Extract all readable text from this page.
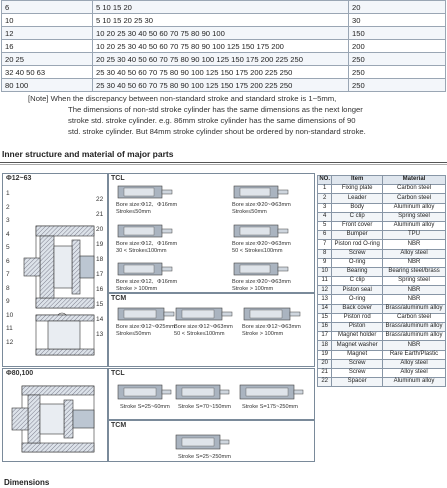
6	5 10 15 20	20
10	5 10 15 20 25 30	30
12	10 20 25 30 40 50 60 70 75 80 90 100	150
16	10 20 25 30 40 50 60 70 75 80 90 100 125 150 175 200	200
20 25	20 25 30 40 50 60 70 75 80 90 100 125 150 175 200 225 250	250
32 40 50 63	25 30 40 50 60 70 75 80 90 100 125 150 175 200 225 250	250
80 100	25 30 40 50 60 70 75 80 90 100 125 150 175 200 225 250	250

[Note] When the discrepancy between non-standard stroke and standard stroke is 1~5mm,

The dimensions of non-std stroke cylinder has the same dimensions as the next longer

stroke std. stroke cylinder. e.g. 86mm stroke cylinder has the same dimensions of 90

std. stroke cylinder. But 84mm stroke cylinder shout be ordered by non-standard stroke.

Inner structure and material of major parts
Φ12~63
Φ80,100
TCL
TCM
TCL
TCM
1
2
3
4
5
6
7
8
9
10
11
12
22
21
20
19
18
17
16
15
14
13
Bore size:Φ12、Φ16mm
Stroke≤50mm
Bore size:Φ20~Φ63mm
Stroke≤50mm
Bore size:Φ12、Φ16mm
30 < Stroke≤100mm
Bore size:Φ20~Φ63mm
50 < Stroke≤100mm
Bore size:Φ12、Φ16mm
Stroke > 100mm
Bore size:Φ20~Φ63mm
Stroke > 100mm
Bore size:Φ12~Φ25mm
Stroke≤50mm
Bore size:Φ12~Φ63mm
50 < Stroke≤100mm
Bore size:Φ12~Φ63mm
Stroke > 100mm
Stroke S=25~60mm Stroke S=70~150mm Stroke S=175~250mm
Stroke S=25~250mm
NO.	Item	Material
1	Fixing plate	Carbon steel
2	Leader	Carbon steel
3	Body	Aluminum alloy
4	C clip	Spring steel
5	Front cover	Aluminum alloy
6	Bumper	TPU
7	Piston rod O-ring	NBR
8	Screw	Alloy steel
9	O-ring	NBR
10	Bearing	Bearing steel/brass
11	C clip	Spring steel
12	Piston seal	NBR
13	O-ring	NBR
14	Back cover	Brass/aluminum alloy
15	Piston rod	Carbon steel
16	Piston	Brass/aluminum alloy
17	Magnet holder	Brass/aluminum alloy
18	Magnet washer	NBR
19	Magnet	Rare Earth/Plastic
20	Screw	Alloy steel
21	Screw	Alloy steel
22	Spacer	Aluminum alloy
Dimensions
